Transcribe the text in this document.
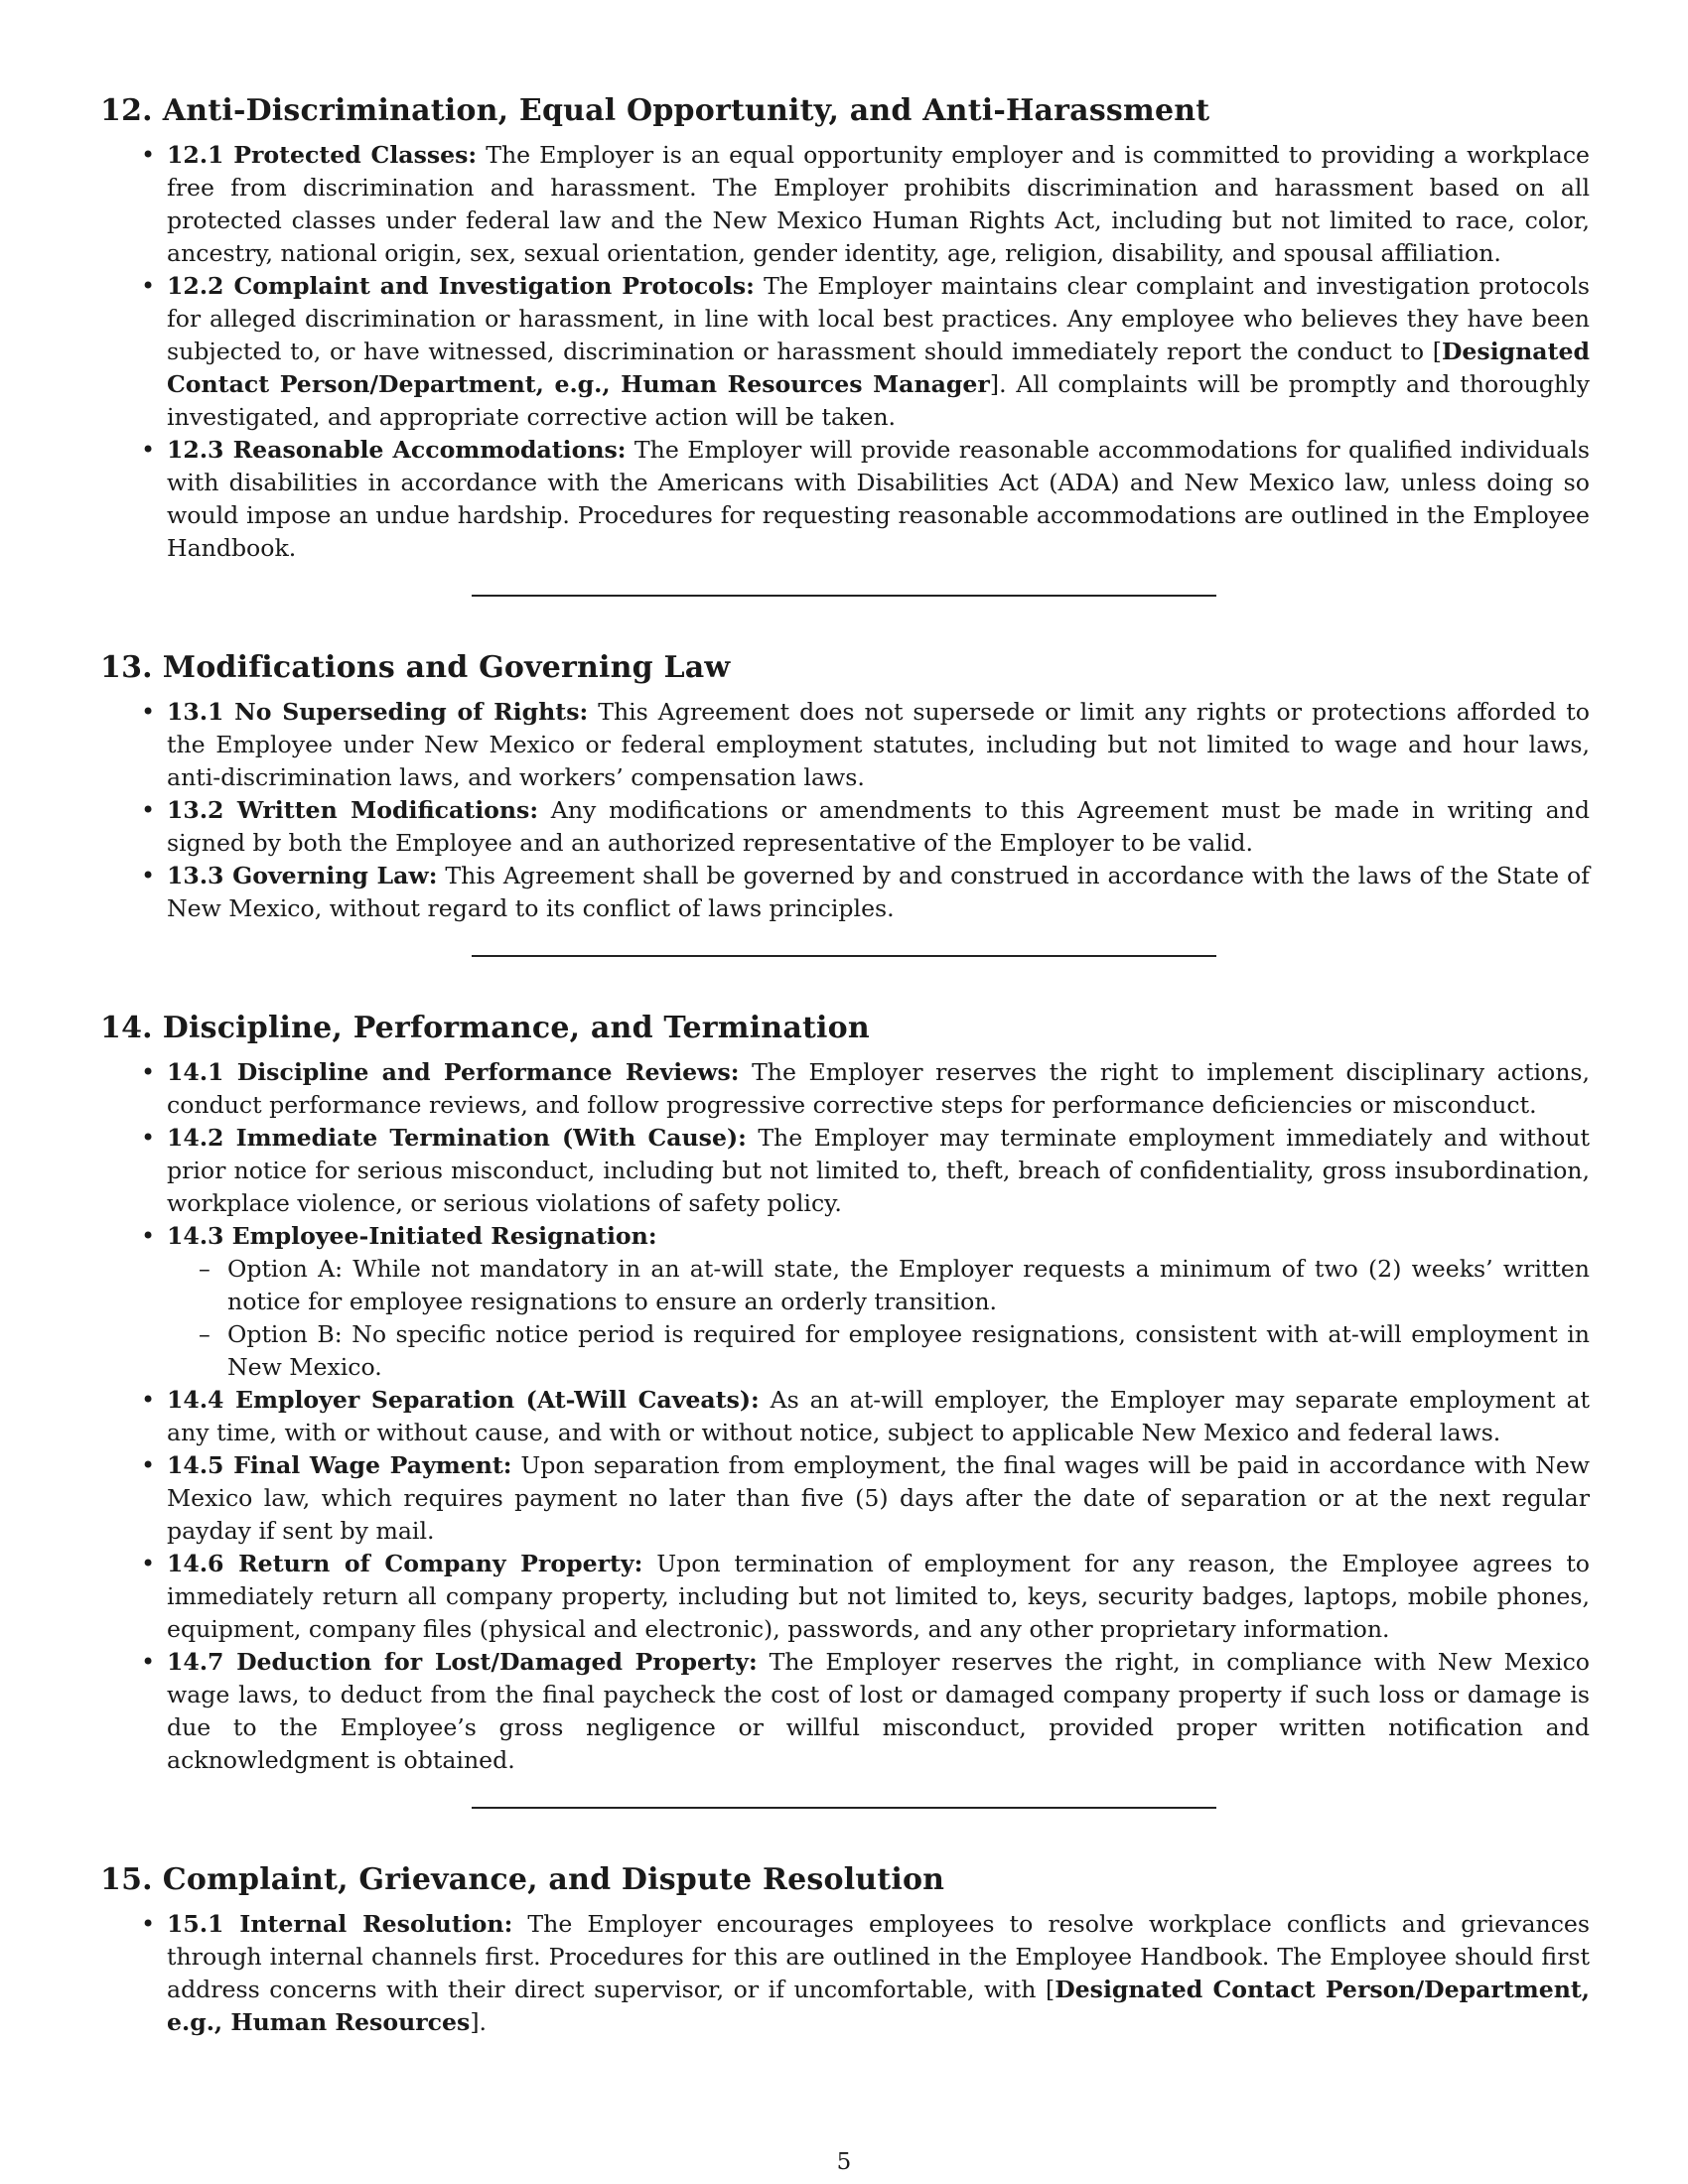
12. Anti-Discrimination, Equal Opportunity, and Anti-Harassment
• 12.1 Protected Classes: The Employer is an equal opportunity employer and is committed to providing a workplace free from discrimination and harassment. The Employer prohibits discrimination and harassment based on all protected classes under federal law and the New Mexico Human Rights Act, including but not limited to race, color, ancestry, national origin, sex, sexual orientation, gender identity, age, religion, disability, and spousal affiliation.
• 12.2 Complaint and Investigation Protocols: The Employer maintains clear complaint and investigation protocols for alleged discrimination or harassment, in line with local best practices. Any employee who believes they have been subjected to, or have witnessed, discrimination or harassment should immediately report the conduct to [Designated Contact Person/Department, e.g., Human Resources Manager]. All complaints will be promptly and thoroughly investigated, and appropriate corrective action will be taken.
• 12.3 Reasonable Accommodations: The Employer will provide reasonable accommodations for qualified individuals with disabilities in accordance with the Americans with Disabilities Act (ADA) and New Mexico law, unless doing so would impose an undue hardship. Procedures for requesting reasonable accommodations are outlined in the Employee Handbook.
13. Modifications and Governing Law
• 13.1 No Superseding of Rights: This Agreement does not supersede or limit any rights or protections afforded to the Employee under New Mexico or federal employment statutes, including but not limited to wage and hour laws, anti-discrimination laws, and workers’ compensation laws.
• 13.2 Written Modifications: Any modifications or amendments to this Agreement must be made in writing and signed by both the Employee and an authorized representative of the Employer to be valid.
• 13.3 Governing Law: This Agreement shall be governed by and construed in accordance with the laws of the State of New Mexico, without regard to its conflict of laws principles.
14. Discipline, Performance, and Termination
• 14.1 Discipline and Performance Reviews: The Employer reserves the right to implement disciplinary actions, conduct performance reviews, and follow progressive corrective steps for performance deficiencies or misconduct.
• 14.2 Immediate Termination (With Cause): The Employer may terminate employment immediately and without prior notice for serious misconduct, including but not limited to, theft, breach of confidentiality, gross insubordination, workplace violence, or serious violations of safety policy.
• 14.3 Employee-Initiated Resignation:
– Option A: While not mandatory in an at-will state, the Employer requests a minimum of two (2) weeks’ written notice for employee resignations to ensure an orderly transition.
– Option B: No specific notice period is required for employee resignations, consistent with at-will employment in New Mexico.
• 14.4 Employer Separation (At-Will Caveats): As an at-will employer, the Employer may separate employment at any time, with or without cause, and with or without notice, subject to applicable New Mexico and federal laws.
• 14.5 Final Wage Payment: Upon separation from employment, the final wages will be paid in accordance with New Mexico law, which requires payment no later than five (5) days after the date of separation or at the next regular payday if sent by mail.
• 14.6 Return of Company Property: Upon termination of employment for any reason, the Employee agrees to immediately return all company property, including but not limited to, keys, security badges, laptops, mobile phones, equipment, company files (physical and electronic), passwords, and any other proprietary information.
• 14.7 Deduction for Lost/Damaged Property: The Employer reserves the right, in compliance with New Mexico wage laws, to deduct from the final paycheck the cost of lost or damaged company property if such loss or damage is due to the Employee’s gross negligence or willful misconduct, provided proper written notification and acknowledgment is obtained.
15. Complaint, Grievance, and Dispute Resolution
• 15.1 Internal Resolution: The Employer encourages employees to resolve workplace conflicts and grievances through internal channels first. Procedures for this are outlined in the Employee Handbook. The Employee should first address concerns with their direct supervisor, or if uncomfortable, with [Designated Contact Person/Department, e.g., Human Resources].
5
